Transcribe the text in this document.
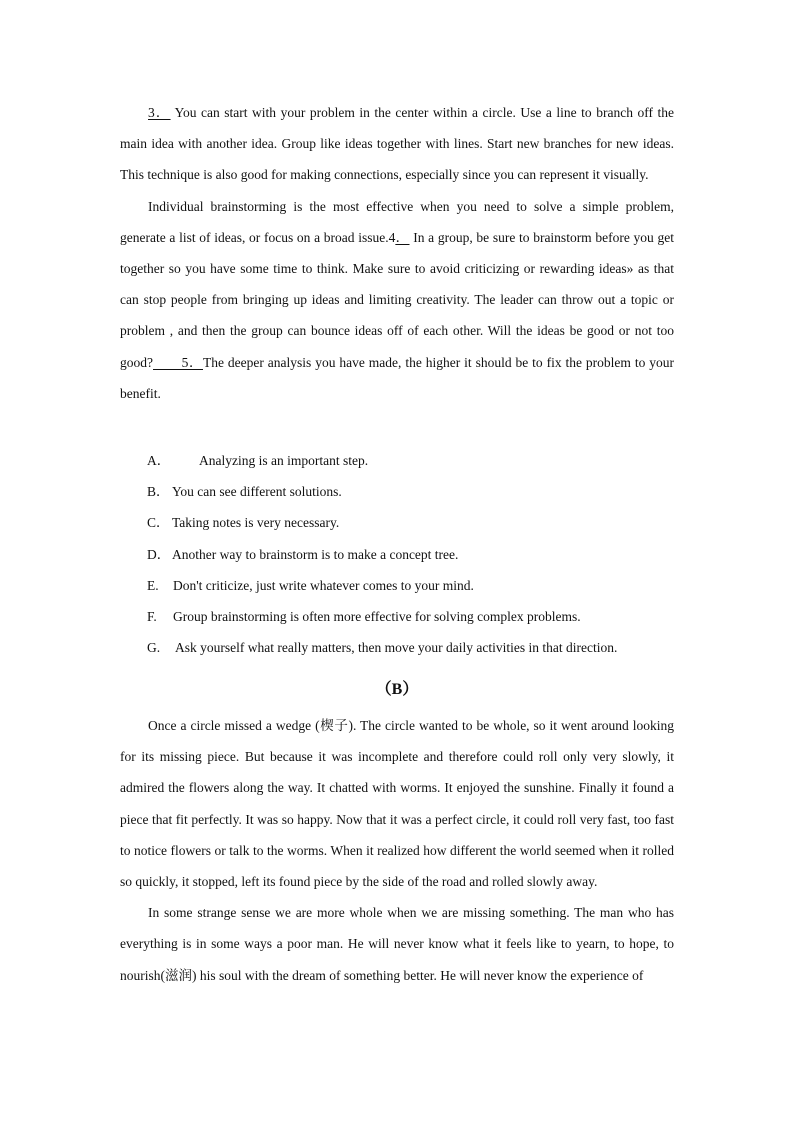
3． You can start with your problem in the center within a circle. Use a line to branch off the main idea with another idea. Group like ideas together with lines. Start new branches for new ideas. This technique is also good for making connections, especially since you can represent it visually.

Individual brainstorming is the most effective when you need to solve a simple problem, generate a list of ideas, or focus on a broad issue.4． In a group, be sure to brainstorm before you get together so you have some time to think. Make sure to avoid criticizing or rewarding ideas» as that can stop people from bringing up ideas and limiting creativity. The leader can throw out a topic or problem , and then the group can bounce ideas off of each other. Will the ideas be good or not too good?　　5．The deeper analysis you have made, the higher it should be to fix the problem to your benefit.

A． Analyzing is an important step.
B． You can see different solutions.
C． Taking notes is very necessary.
D． Another way to brainstorm is to make a concept tree.
E. Don't criticize, just write whatever comes to your mind.
F. Group brainstorming is often more effective for solving complex problems.
G. Ask yourself what really matters, then move your daily activities in that direction.
（B）

Once a circle missed a wedge (楔子). The circle wanted to be whole, so it went around looking for its missing piece. But because it was incomplete and therefore could roll only very slowly, it admired the flowers along the way. It chatted with worms. It enjoyed the sunshine. Finally it found a piece that fit perfectly. It was so happy. Now that it was a perfect circle, it could roll very fast, too fast to notice flowers or talk to the worms. When it realized how different the world seemed when it rolled so quickly, it stopped, left its found piece by the side of the road and rolled slowly away.

In some strange sense we are more whole when we are missing something. The man who has everything is in some ways a poor man. He will never know what it feels like to yearn, to hope, to nourish(滋润) his soul with the dream of something better. He will never know the experience of
